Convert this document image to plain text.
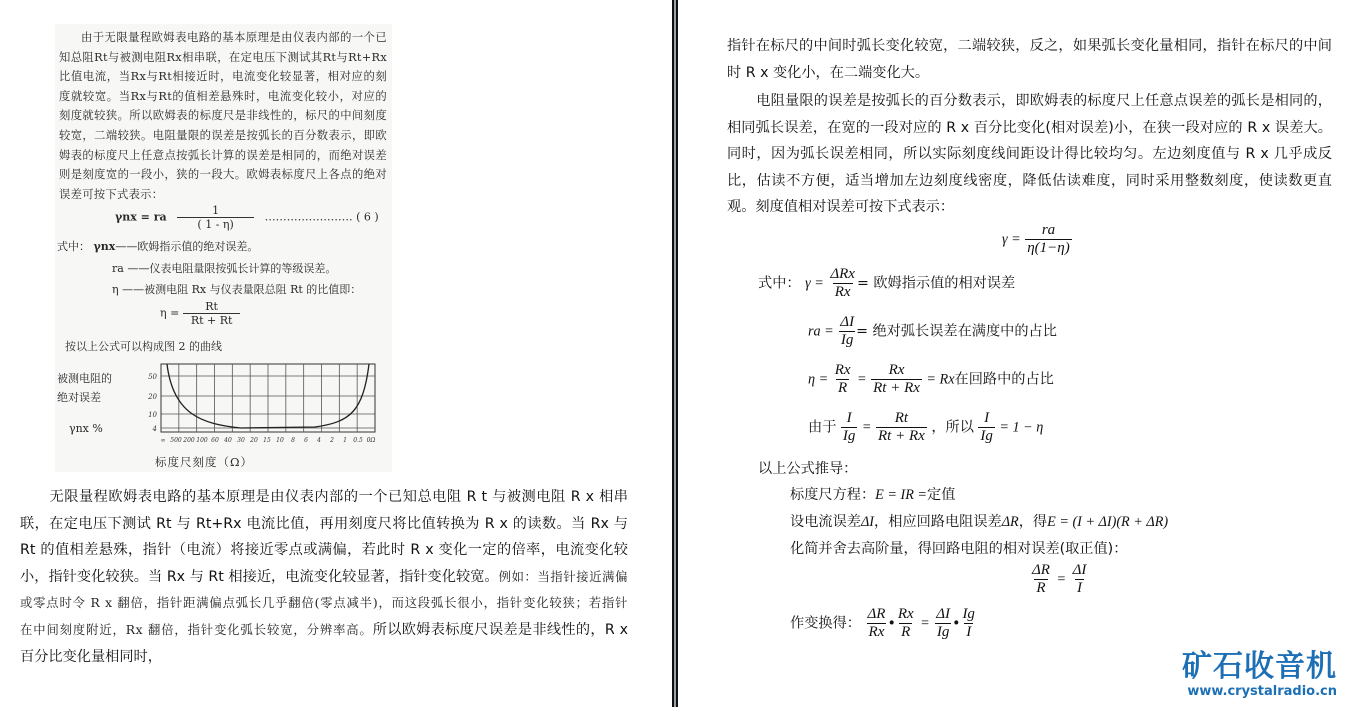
由于无限量程欧姆表电路的基本原理是由仪表内部的一个已知总阻Rt与被测电阻Rx相串联，在定电压下测试其Rt与Rt+Rx比值电流，当Rx与Rt相接近时，电流变化较显著，相对应的刻度就较宽。当Rx与Rt的值相差悬殊时，电流变化较小，对应的刻度就较狭。所以欧姆表的标度尺是非线性的，标尺的中间刻度较宽，二端较狭。电阻量限的误差是按弧长的百分数表示，即欧姆表的标度尺上任意点按弧长计算的误差是相同的，而绝对误差则是刻度宽的一段小，狭的一段大。欧姆表标度尺上各点的绝对误差可按下式表示：
γnx = ra $\frac{1}{( 1 - \eta)}$ …………………… ( 6 )
式中： γnx——欧姆指示值的绝对误差。
ra ——仪表电阻量限按弧长计算的等级误差。
η ——被测电阻 Rx 与仪表量限总阻 Rt 的比值即：
$\eta = \frac{Rt}{Rt + Rt}$
按以上公式可以构成图 2 的曲线
被测电阻的
绝对误差
γnx %
50
20
10
4
∞ 500 200 100 60 40 30 20 15 10 8 6 4 2 1 0.5 0Ω
标度尺刻度（Ω）
无限量程欧姆表电路的基本原理是由仪表内部的一个已知总电阻 R t 与被测电阻 R x 相串联，在定电压下测试 Rt 与 Rt+Rx 电流比值，再用刻度尺将比值转换为 R x 的读数。当 Rx 与 Rt 的值相差悬殊，指针（电流）将接近零点或满偏，若此时 R x 变化一定的倍率，电流变化较小，指针变化较狭。当 Rx 与 Rt 相接近，电流变化较显著，指针变化较宽。例如：当指针接近满偏或零点时令 R x 翻倍，指针距满偏点弧长几乎翻倍(零点减半)，而这段弧长很小，指针变化较狭；若指针在中间刻度附近，Rx 翻倍，指针变化弧长较宽，分辨率高。所以欧姆表标度尺误差是非线性的，R x 百分比变化量相同时，
指针在标尺的中间时弧长变化较宽，二端较狭，反之，如果弧长变化量相同，指针在标尺的中间时 R x 变化小，在二端变化大。
电阻量限的误差是按弧长的百分数表示，即欧姆表的标度尺上任意点误差的弧长是相同的，相同弧长误差，在宽的一段对应的 R x 百分比变化(相对误差)小，在狭一段对应的 R x 误差大。同时，因为弧长误差相同，所以实际刻度线间距设计得比较均匀。左边刻度值与 R x 几乎成反比，估读不方便，适当增加左边刻度线密度，降低估读难度，同时采用整数刻度，使读数更直观。刻度值相对误差可按下式表示：
$\gamma = \frac{ra}{\eta(1-\eta)}$
式中： γ =
ΔRx
Rx
= 欧姆指示值的相对误差
ra = $\frac{\Delta I}{Ig}$ = 绝对弧长误差在满度中的占比
$\eta = \frac{Rx}{R} = \frac{Rx}{Rt + Rx} = Rx$在回路中的占比
由于 $\frac{I}{Ig} = \frac{Rt}{Rt + Rx}$ ，所以 $\frac{I}{Ig} = 1 - \eta$
以上公式推导：
标度尺方程：E = IR =定值
设电流误差ΔI，相应回路电阻误差ΔR，得E = (I + ΔI)(R + ΔR)
化简并舍去高阶量，得回路电阻的相对误差(取正值)：
$\frac{\Delta R}{R} = \frac{\Delta I}{I}$
作变换得： $\frac{\Delta R}{Rx}$ • $\frac{Rx}{R} = \frac{\Delta I}{Ig}$ • $\frac{Ig}{I}$
矿石收音机
www.crystalradio.cn
